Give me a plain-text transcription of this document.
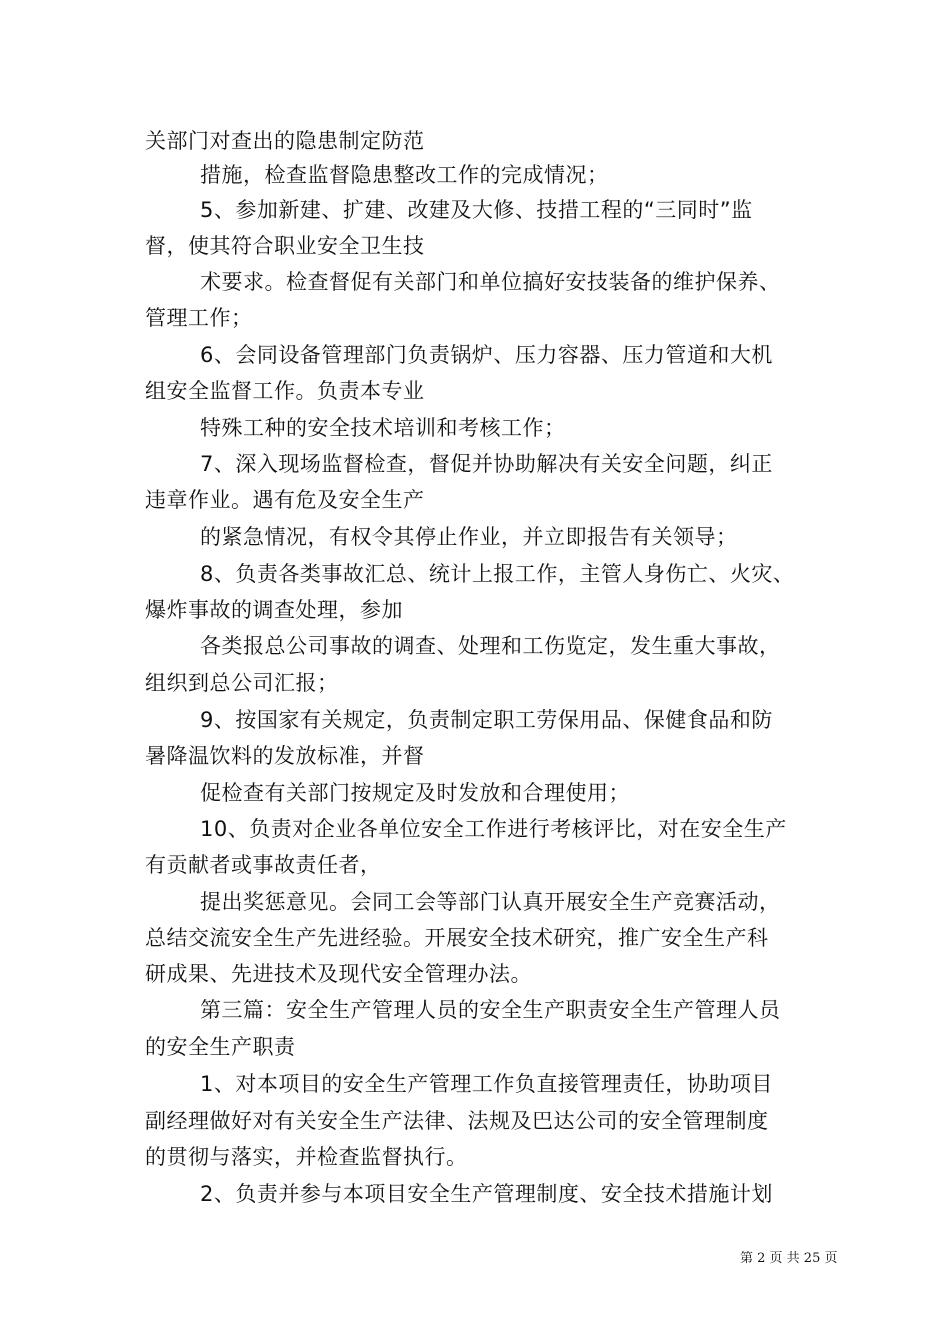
关部门对查出的隐患制定防范
措施，检查监督隐患整改工作的完成情况；
5、参加新建、扩建、改建及大修、技措工程的“三同时”监
督，使其符合职业安全卫生技
术要求。检查督促有关部门和单位搞好安技装备的维护保养、
管理工作；
6、会同设备管理部门负责锅炉、压力容器、压力管道和大机
组安全监督工作。负责本专业
特殊工种的安全技术培训和考核工作；
7、深入现场监督检查，督促并协助解决有关安全问题，纠正
违章作业。遇有危及安全生产
的紧急情况，有权令其停止作业，并立即报告有关领导；
8、负责各类事故汇总、统计上报工作，主管人身伤亡、火灾、
爆炸事故的调查处理，参加
各类报总公司事故的调查、处理和工伤览定，发生重大事故，
组织到总公司汇报；
9、按国家有关规定，负责制定职工劳保用品、保健食品和防
暑降温饮料的发放标准，并督
促检查有关部门按规定及时发放和合理使用；
10、负责对企业各单位安全工作进行考核评比，对在安全生产
有贡献者或事故责任者，
提出奖惩意见。会同工会等部门认真开展安全生产竞赛活动，
总结交流安全生产先进经验。开展安全技术研究，推广安全生产科
研成果、先进技术及现代安全管理办法。
第三篇：安全生产管理人员的安全生产职责安全生产管理人员
的安全生产职责
1、对本项目的安全生产管理工作负直接管理责任，协助项目
副经理做好对有关安全生产法律、法规及巴达公司的安全管理制度
的贯彻与落实，并检查监督执行。
2、负责并参与本项目安全生产管理制度、安全技术措施计划
第 2 页 共 25 页
